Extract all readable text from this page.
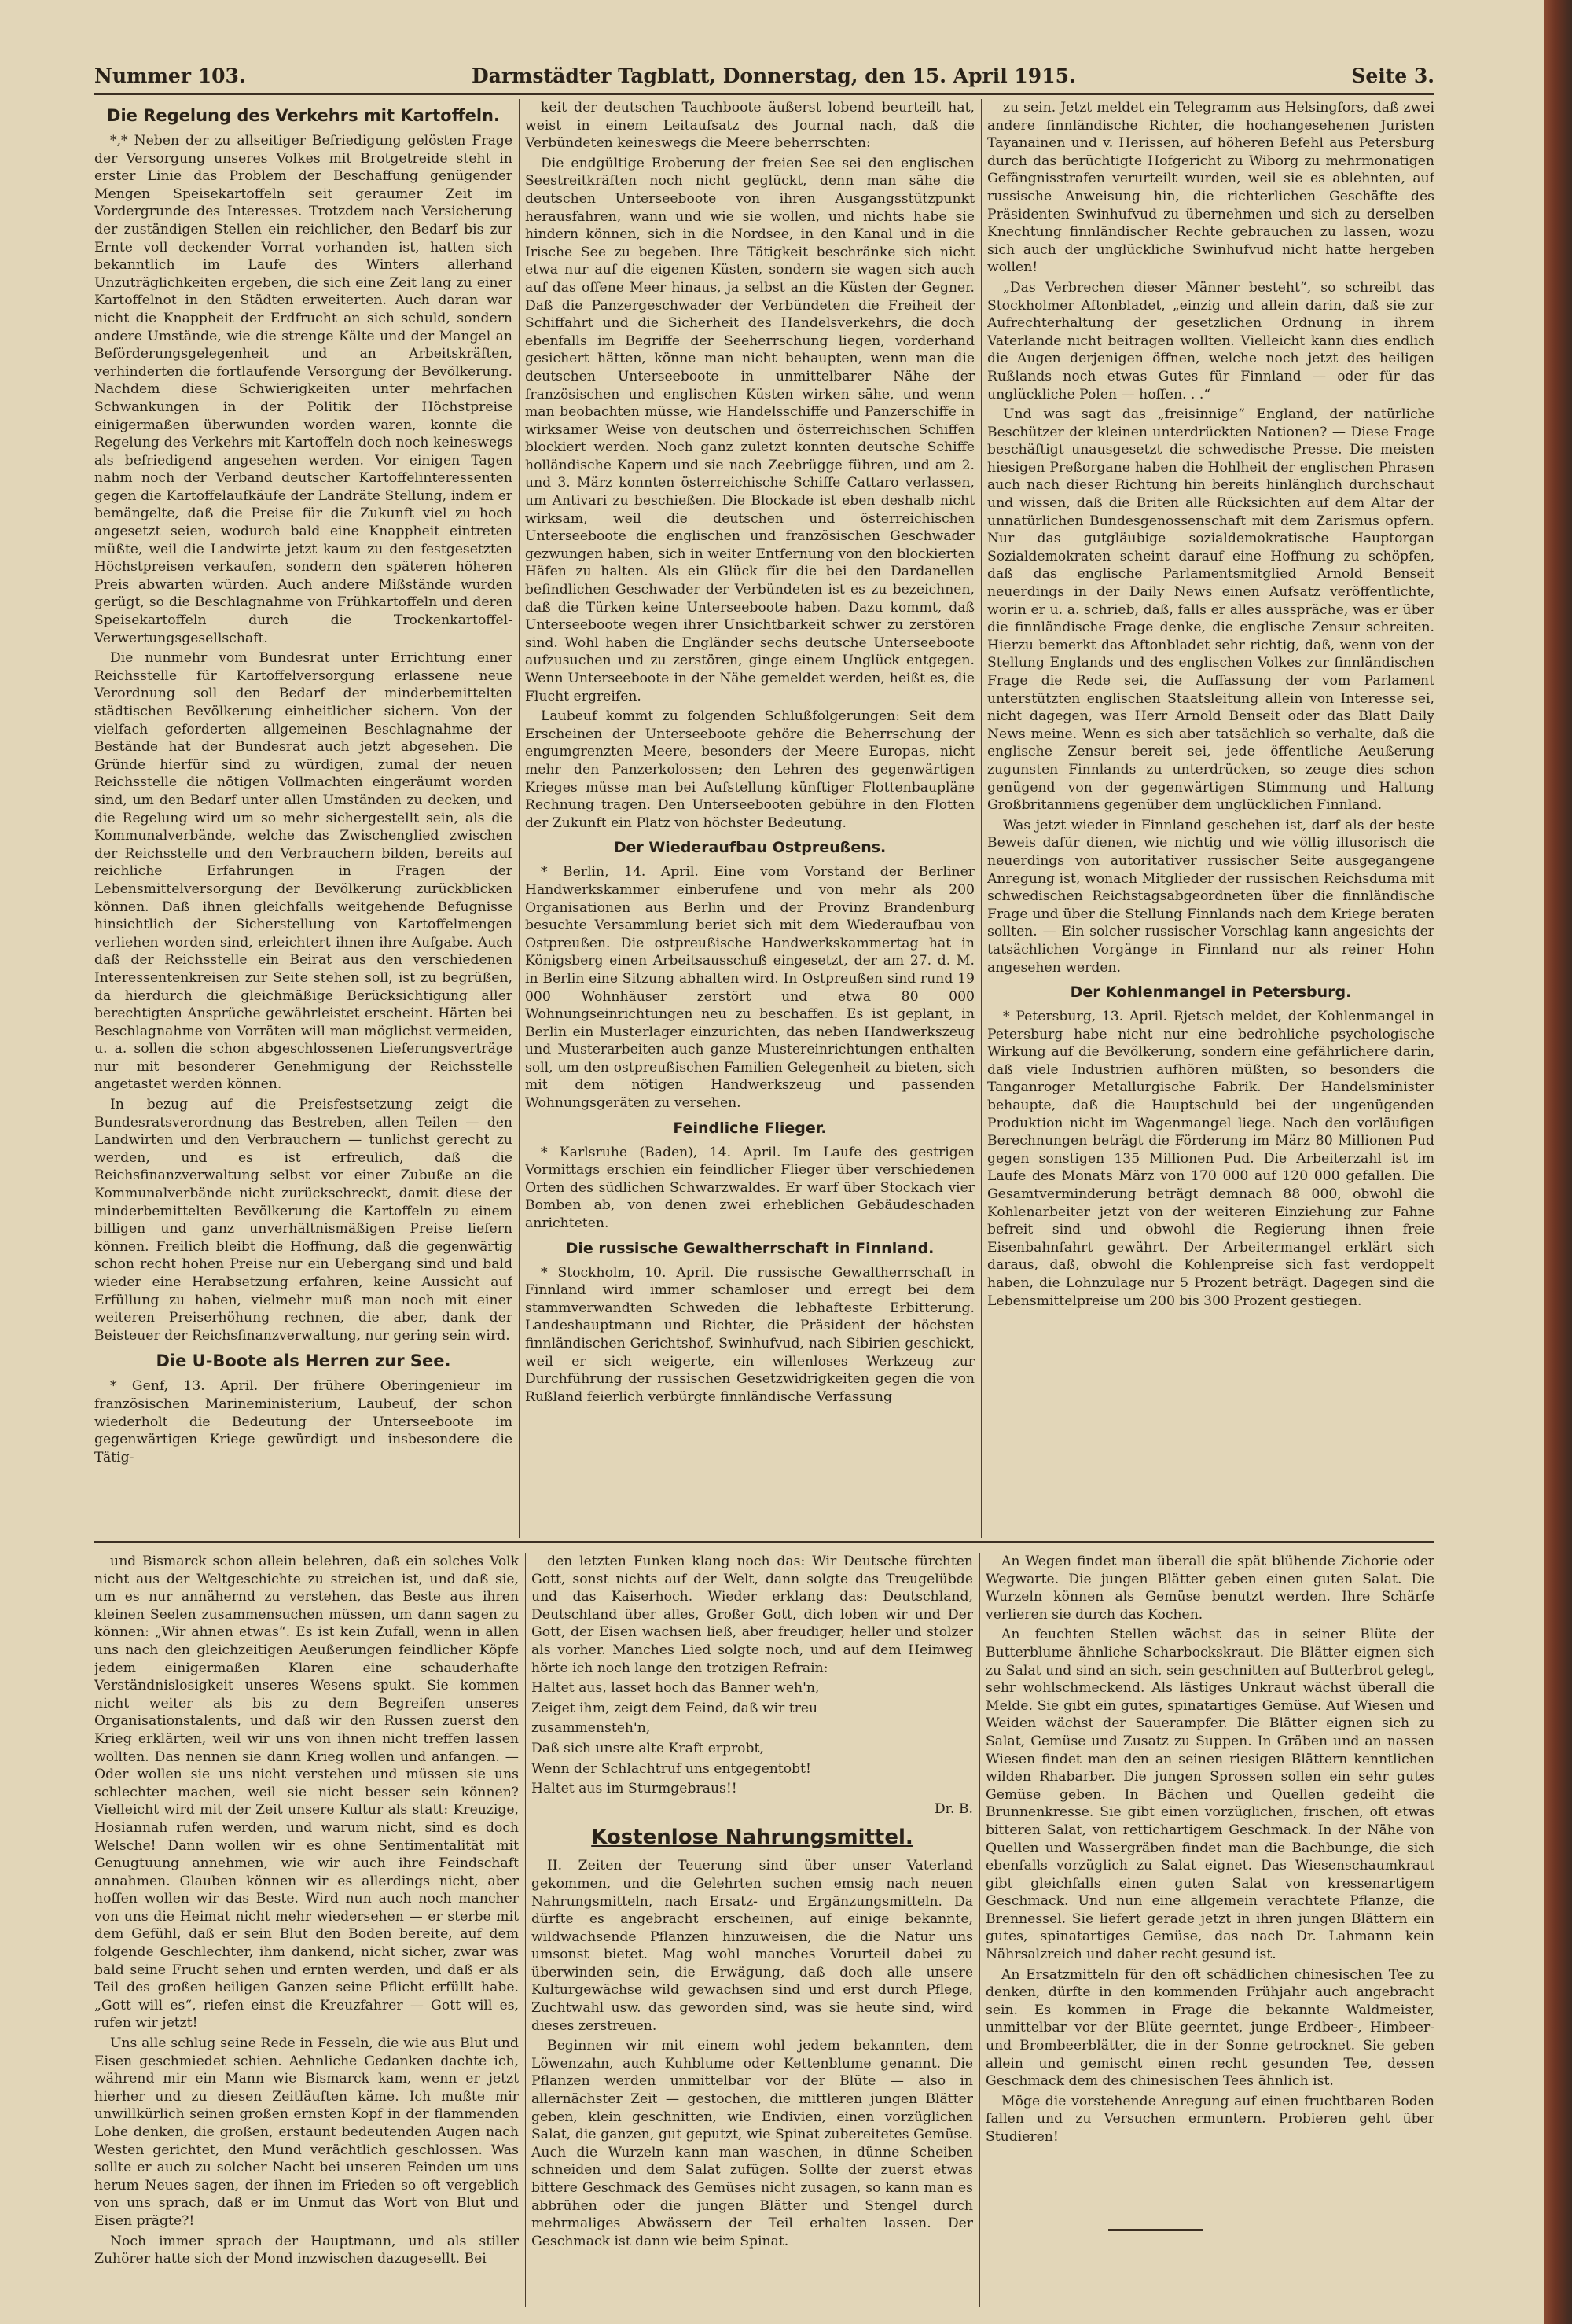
Nummer 103.	Darmstädter Tagblatt, Donnerstag, den 15. April 1915.	Seite 3.
Die Regelung des Verkehrs mit Kartoffeln.

*,* Neben der zu allseitiger Befriedigung gelösten Frage der Versorgung unseres Volkes mit Brotgetreide steht in erster Linie das Problem der Beschaffung genügender Mengen Speisekartoffeln seit geraumer Zeit im Vordergrunde des Interesses. Trotzdem nach Versicherung der zuständigen Stellen ein reichlicher, den Bedarf bis zur Ernte voll deckender Vorrat vorhanden ist, hatten sich bekanntlich im Laufe des Winters allerhand Unzuträglichkeiten ergeben, die sich eine Zeit lang zu einer Kartoffelnot in den Städten erweiterten. Auch daran war nicht die Knappheit der Erdfrucht an sich schuld, sondern andere Umstände, wie die strenge Kälte und der Mangel an Beförderungsgelegenheit und an Arbeitskräften, verhinderten die fortlaufende Versorgung der Bevölkerung. Nachdem diese Schwierigkeiten unter mehrfachen Schwankungen in der Politik der Höchstpreise einigermaßen überwunden worden waren, konnte die Regelung des Verkehrs mit Kartoffeln doch noch keineswegs als befriedigend angesehen werden. Vor einigen Tagen nahm noch der Verband deutscher Kartoffelinteressenten gegen die Kartoffelaufkäufe der Landräte Stellung, indem er bemängelte, daß die Preise für die Zukunft viel zu hoch angesetzt seien, wodurch bald eine Knappheit eintreten müßte, weil die Landwirte jetzt kaum zu den festgesetzten Höchstpreisen verkaufen, sondern den späteren höheren Preis abwarten würden. Auch andere Mißstände wurden gerügt, so die Beschlagnahme von Frühkartoffeln und deren Speisekartoffeln durch die Trockenkartoffel-Verwertungsgesellschaft.

Die nunmehr vom Bundesrat unter Errichtung einer Reichsstelle für Kartoffelversorgung erlassene neue Verordnung soll den Bedarf der minderbemittelten städtischen Bevölkerung einheitlicher sichern. Von der vielfach geforderten allgemeinen Beschlagnahme der Bestände hat der Bundesrat auch jetzt abgesehen. Die Gründe hierfür sind zu würdigen, zumal der neuen Reichsstelle die nötigen Vollmachten eingeräumt worden sind, um den Bedarf unter allen Umständen zu decken, und die Regelung wird um so mehr sichergestellt sein, als die Kommunalverbände, welche das Zwischenglied zwischen der Reichsstelle und den Verbrauchern bilden, bereits auf reichliche Erfahrungen in Fragen der Lebensmittelversorgung der Bevölkerung zurückblicken können. Daß ihnen gleichfalls weitgehende Befugnisse hinsichtlich der Sicherstellung von Kartoffelmengen verliehen worden sind, erleichtert ihnen ihre Aufgabe. Auch daß der Reichsstelle ein Beirat aus den verschiedenen Interessentenkreisen zur Seite stehen soll, ist zu begrüßen, da hierdurch die gleichmäßige Berücksichtigung aller berechtigten Ansprüche gewährleistet erscheint. Härten bei Beschlagnahme von Vorräten will man möglichst vermeiden, u. a. sollen die schon abgeschlossenen Lieferungsverträge nur mit besonderer Genehmigung der Reichsstelle angetastet werden können.

In bezug auf die Preisfestsetzung zeigt die Bundesratsverordnung das Bestreben, allen Teilen — den Landwirten und den Verbrauchern — tunlichst gerecht zu werden, und es ist erfreulich, daß die Reichsfinanzverwaltung selbst vor einer Zubuße an die Kommunalverbände nicht zurückschreckt, damit diese der minderbemittelten Bevölkerung die Kartoffeln zu einem billigen und ganz unverhältnismäßigen Preise liefern können. Freilich bleibt die Hoffnung, daß die gegenwärtig schon recht hohen Preise nur ein Uebergang sind und bald wieder eine Herabsetzung erfahren, keine Aussicht auf Erfüllung zu haben, vielmehr muß man noch mit einer weiteren Preiserhöhung rechnen, die aber, dank der Beisteuer der Reichsfinanzverwaltung, nur gering sein wird.

Die U-Boote als Herren zur See.

* Genf, 13. April. Der frühere Oberingenieur im französischen Marineministerium, Laubeuf, der schon wiederholt die Bedeutung der Unterseeboote im gegenwärtigen Kriege gewürdigt und insbesondere die Tätig-

keit der deutschen Tauchboote äußerst lobend beurteilt hat, weist in einem Leitaufsatz des Journal nach, daß die Verbündeten keineswegs die Meere beherrschten:

Die endgültige Eroberung der freien See sei den englischen Seestreitkräften noch nicht geglückt, denn man sähe die deutschen Unterseeboote von ihren Ausgangsstützpunkt herausfahren, wann und wie sie wollen, und nichts habe sie hindern können, sich in die Nordsee, in den Kanal und in die Irische See zu begeben. Ihre Tätigkeit beschränke sich nicht etwa nur auf die eigenen Küsten, sondern sie wagen sich auch auf das offene Meer hinaus, ja selbst an die Küsten der Gegner. Daß die Panzergeschwader der Verbündeten die Freiheit der Schiffahrt und die Sicherheit des Handelsverkehrs, die doch ebenfalls im Begriffe der Seeherrschung liegen, vorderhand gesichert hätten, könne man nicht behaupten, wenn man die deutschen Unterseeboote in unmittelbarer Nähe der französischen und englischen Küsten wirken sähe, und wenn man beobachten müsse, wie Handelsschiffe und Panzerschiffe in wirksamer Weise von deutschen und österreichischen Schiffen blockiert werden. Noch ganz zuletzt konnten deutsche Schiffe holländische Kapern und sie nach Zeebrügge führen, und am 2. und 3. März konnten österreichische Schiffe Cattaro verlassen, um Antivari zu beschießen. Die Blockade ist eben deshalb nicht wirksam, weil die deutschen und österreichischen Unterseeboote die englischen und französischen Geschwader gezwungen haben, sich in weiter Entfernung von den blockierten Häfen zu halten. Als ein Glück für die bei den Dardanellen befindlichen Geschwader der Verbündeten ist es zu bezeichnen, daß die Türken keine Unterseeboote haben. Dazu kommt, daß Unterseeboote wegen ihrer Unsichtbarkeit schwer zu zerstören sind. Wohl haben die Engländer sechs deutsche Unterseeboote aufzusuchen und zu zerstören, ginge einem Unglück entgegen. Wenn Unterseeboote in der Nähe gemeldet werden, heißt es, die Flucht ergreifen.

Laubeuf kommt zu folgenden Schlußfolgerungen: Seit dem Erscheinen der Unterseeboote gehöre die Beherrschung der engumgrenzten Meere, besonders der Meere Europas, nicht mehr den Panzerkolossen; den Lehren des gegenwärtigen Krieges müsse man bei Aufstellung künftiger Flottenbaupläne Rechnung tragen. Den Unterseebooten gebühre in den Flotten der Zukunft ein Platz von höchster Bedeutung.

Der Wiederaufbau Ostpreußens.

* Berlin, 14. April. Eine vom Vorstand der Berliner Handwerkskammer einberufene und von mehr als 200 Organisationen aus Berlin und der Provinz Brandenburg besuchte Versammlung beriet sich mit dem Wiederaufbau von Ostpreußen. Die ostpreußische Handwerkskammertag hat in Königsberg einen Arbeitsausschuß eingesetzt, der am 27. d. M. in Berlin eine Sitzung abhalten wird. In Ostpreußen sind rund 19 000 Wohnhäuser zerstört und etwa 80 000 Wohnungseinrichtungen neu zu beschaffen. Es ist geplant, in Berlin ein Musterlager einzurichten, das neben Handwerkszeug und Musterarbeiten auch ganze Mustereinrichtungen enthalten soll, um den ostpreußischen Familien Gelegenheit zu bieten, sich mit dem nötigen Handwerkszeug und passenden Wohnungsgeräten zu versehen.

Feindliche Flieger.

* Karlsruhe (Baden), 14. April. Im Laufe des gestrigen Vormittags erschien ein feindlicher Flieger über verschiedenen Orten des südlichen Schwarzwaldes. Er warf über Stockach vier Bomben ab, von denen zwei erheblichen Gebäudeschaden anrichteten.

Die russische Gewaltherrschaft in Finnland.

* Stockholm, 10. April. Die russische Gewaltherrschaft in Finnland wird immer schamloser und erregt bei dem stammverwandten Schweden die lebhafteste Erbitterung. Landeshauptmann und Richter, die Präsident der höchsten finnländischen Gerichtshof, Swinhufvud, nach Sibirien geschickt, weil er sich weigerte, ein willenloses Werkzeug zur Durchführung der russischen Gesetzwidrigkeiten gegen die von Rußland feierlich verbürgte finnländische Verfassung

zu sein. Jetzt meldet ein Telegramm aus Helsingfors, daß zwei andere finnländische Richter, die hochangesehenen Juristen Tayanainen und v. Herissen, auf höheren Befehl aus Petersburg durch das berüchtigte Hofgericht zu Wiborg zu mehrmonatigen Gefängnisstrafen verurteilt wurden, weil sie es ablehnten, auf russische Anweisung hin, die richterlichen Geschäfte des Präsidenten Swinhufvud zu übernehmen und sich zu derselben Knechtung finnländischer Rechte gebrauchen zu lassen, wozu sich auch der unglückliche Swinhufvud nicht hatte hergeben wollen!

„Das Verbrechen dieser Männer besteht“, so schreibt das Stockholmer Aftonbladet, „einzig und allein darin, daß sie zur Aufrechterhaltung der gesetzlichen Ordnung in ihrem Vaterlande nicht beitragen wollten. Vielleicht kann dies endlich die Augen derjenigen öffnen, welche noch jetzt des heiligen Rußlands noch etwas Gutes für Finnland — oder für das unglückliche Polen — hoffen. . .“

Und was sagt das „freisinnige“ England, der natürliche Beschützer der kleinen unterdrückten Nationen? — Diese Frage beschäftigt unausgesetzt die schwedische Presse. Die meisten hiesigen Preßorgane haben die Hohlheit der englischen Phrasen auch nach dieser Richtung hin bereits hinlänglich durchschaut und wissen, daß die Briten alle Rücksichten auf dem Altar der unnatürlichen Bundesgenossenschaft mit dem Zarismus opfern. Nur das gutgläubige sozialdemokratische Hauptorgan Sozialdemokraten scheint darauf eine Hoffnung zu schöpfen, daß das englische Parlamentsmitglied Arnold Benseit neuerdings in der Daily News einen Aufsatz veröffentlichte, worin er u. a. schrieb, daß, falls er alles ausspräche, was er über die finnländische Frage denke, die englische Zensur schreiten. Hierzu bemerkt das Aftonbladet sehr richtig, daß, wenn von der Stellung Englands und des englischen Volkes zur finnländischen Frage die Rede sei, die Auffassung der vom Parlament unterstützten englischen Staatsleitung allein von Interesse sei, nicht dagegen, was Herr Arnold Benseit oder das Blatt Daily News meine. Wenn es sich aber tatsächlich so verhalte, daß die englische Zensur bereit sei, jede öffentliche Aeußerung zugunsten Finnlands zu unterdrücken, so zeuge dies schon genügend von der gegenwärtigen Stimmung und Haltung Großbritanniens gegenüber dem unglücklichen Finnland.

Was jetzt wieder in Finnland geschehen ist, darf als der beste Beweis dafür dienen, wie nichtig und wie völlig illusorisch die neuerdings von autoritativer russischer Seite ausgegangene Anregung ist, wonach Mitglieder der russischen Reichsduma mit schwedischen Reichstagsabgeordneten über die finnländische Frage und über die Stellung Finnlands nach dem Kriege beraten sollten. — Ein solcher russischer Vorschlag kann angesichts der tatsächlichen Vorgänge in Finnland nur als reiner Hohn angesehen werden.

Der Kohlenmangel in Petersburg.

* Petersburg, 13. April. Rjetsch meldet, der Kohlenmangel in Petersburg habe nicht nur eine bedrohliche psychologische Wirkung auf die Bevölkerung, sondern eine gefährlichere darin, daß viele Industrien aufhören müßten, so besonders die Tanganroger Metallurgische Fabrik. Der Handelsminister behaupte, daß die Hauptschuld bei der ungenügenden Produktion nicht im Wagenmangel liege. Nach den vorläufigen Berechnungen beträgt die Förderung im März 80 Millionen Pud gegen sonstigen 135 Millionen Pud. Die Arbeiterzahl ist im Laufe des Monats März von 170 000 auf 120 000 gefallen. Die Gesamtverminderung beträgt demnach 88 000, obwohl die Kohlenarbeiter jetzt von der weiteren Einziehung zur Fahne befreit sind und obwohl die Regierung ihnen freie Eisenbahnfahrt gewährt. Der Arbeitermangel erklärt sich daraus, daß, obwohl die Kohlenpreise sich fast verdoppelt haben, die Lohnzulage nur 5 Prozent beträgt. Dagegen sind die Lebensmittelpreise um 200 bis 300 Prozent gestiegen.

und Bismarck schon allein belehren, daß ein solches Volk nicht aus der Weltgeschichte zu streichen ist, und daß sie, um es nur annähernd zu verstehen, das Beste aus ihren kleinen Seelen zusammensuchen müssen, um dann sagen zu können: „Wir ahnen etwas“. Es ist kein Zufall, wenn in allen uns nach den gleichzeitigen Aeußerungen feindlicher Köpfe jedem einigermaßen Klaren eine schauderhafte Verständnislosigkeit unseres Wesens spukt. Sie kommen nicht weiter als bis zu dem Begreifen unseres Organisationstalents, und daß wir den Russen zuerst den Krieg erklärten, weil wir uns von ihnen nicht treffen lassen wollten. Das nennen sie dann Krieg wollen und anfangen. — Oder wollen sie uns nicht verstehen und müssen sie uns schlechter machen, weil sie nicht besser sein können? Vielleicht wird mit der Zeit unsere Kultur als statt: Kreuzige, Hosiannah rufen werden, und warum nicht, sind es doch Welsche! Dann wollen wir es ohne Sentimentalität mit Genugtuung annehmen, wie wir auch ihre Feindschaft annahmen. Glauben können wir es allerdings nicht, aber hoffen wollen wir das Beste. Wird nun auch noch mancher von uns die Heimat nicht mehr wiedersehen — er sterbe mit dem Gefühl, daß er sein Blut den Boden bereite, auf dem folgende Geschlechter, ihm dankend, nicht sicher, zwar was bald seine Frucht sehen und ernten werden, und daß er als Teil des großen heiligen Ganzen seine Pflicht erfüllt habe. „Gott will es“, riefen einst die Kreuzfahrer — Gott will es, rufen wir jetzt!

Uns alle schlug seine Rede in Fesseln, die wie aus Blut und Eisen geschmiedet schien. Aehnliche Gedanken dachte ich, während mir ein Mann wie Bismarck kam, wenn er jetzt hierher und zu diesen Zeitläuften käme. Ich mußte mir unwillkürlich seinen großen ernsten Kopf in der flammenden Lohe denken, die großen, erstaunt bedeutenden Augen nach Westen gerichtet, den Mund verächtlich geschlossen. Was sollte er auch zu solcher Nacht bei unseren Feinden um uns herum Neues sagen, der ihnen im Frieden so oft vergeblich von uns sprach, daß er im Unmut das Wort von Blut und Eisen prägte?!

Noch immer sprach der Hauptmann, und als stiller Zuhörer hatte sich der Mond inzwischen dazugesellt. Bei

den letzten Funken klang noch das: Wir Deutsche fürchten Gott, sonst nichts auf der Welt, dann solgte das Treugelübde und das Kaiserhoch. Wieder erklang das: Deutschland, Deutschland über alles, Großer Gott, dich loben wir und Der Gott, der Eisen wachsen ließ, aber freudiger, heller und stolzer als vorher. Manches Lied solgte noch, und auf dem Heimweg hörte ich noch lange den trotzigen Refrain:

Haltet aus, lasset hoch das Banner weh'n,

Zeiget ihm, zeigt dem Feind, daß wir treu

zusammensteh'n,

Daß sich unsre alte Kraft erprobt,

Wenn der Schlachtruf uns entgegentobt!

Haltet aus im Sturmgebraus!!

Dr. B.

Kostenlose Nahrungsmittel.

II. Zeiten der Teuerung sind über unser Vaterland gekommen, und die Gelehrten suchen emsig nach neuen Nahrungsmitteln, nach Ersatz- und Ergänzungsmitteln. Da dürfte es angebracht erscheinen, auf einige bekannte, wildwachsende Pflanzen hinzuweisen, die die Natur uns umsonst bietet. Mag wohl manches Vorurteil dabei zu überwinden sein, die Erwägung, daß doch alle unsere Kulturgewächse wild gewachsen sind und erst durch Pflege, Zuchtwahl usw. das geworden sind, was sie heute sind, wird dieses zerstreuen.

Beginnen wir mit einem wohl jedem bekannten, dem Löwenzahn, auch Kuhblume oder Kettenblume genannt. Die Pflanzen werden unmittelbar vor der Blüte — also in allernächster Zeit — gestochen, die mittleren jungen Blätter geben, klein geschnitten, wie Endivien, einen vorzüglichen Salat, die ganzen, gut geputzt, wie Spinat zubereitetes Gemüse. Auch die Wurzeln kann man waschen, in dünne Scheiben schneiden und dem Salat zufügen. Sollte der zuerst etwas bittere Geschmack des Gemüses nicht zusagen, so kann man es abbrühen oder die jungen Blätter und Stengel durch mehrmaliges Abwässern der Teil erhalten lassen. Der Geschmack ist dann wie beim Spinat.

An Wegen findet man überall die spät blühende Zichorie oder Wegwarte. Die jungen Blätter geben einen guten Salat. Die Wurzeln können als Gemüse benutzt werden. Ihre Schärfe verlieren sie durch das Kochen.

An feuchten Stellen wächst das in seiner Blüte der Butterblume ähnliche Scharbockskraut. Die Blätter eignen sich zu Salat und sind an sich, sein geschnitten auf Butterbrot gelegt, sehr wohlschmeckend. Als lästiges Unkraut wächst überall die Melde. Sie gibt ein gutes, spinatartiges Gemüse. Auf Wiesen und Weiden wächst der Sauerampfer. Die Blätter eignen sich zu Salat, Gemüse und Zusatz zu Suppen. In Gräben und an nassen Wiesen findet man den an seinen riesigen Blättern kenntlichen wilden Rhabarber. Die jungen Sprossen sollen ein sehr gutes Gemüse geben. In Bächen und Quellen gedeiht die Brunnenkresse. Sie gibt einen vorzüglichen, frischen, oft etwas bitteren Salat, von rettichartigem Geschmack. In der Nähe von Quellen und Wassergräben findet man die Bachbunge, die sich ebenfalls vorzüglich zu Salat eignet. Das Wiesenschaumkraut gibt gleichfalls einen guten Salat von kressenartigem Geschmack. Und nun eine allgemein verachtete Pflanze, die Brennessel. Sie liefert gerade jetzt in ihren jungen Blättern ein gutes, spinatartiges Gemüse, das nach Dr. Lahmann kein Nährsalzreich und daher recht gesund ist.

An Ersatzmitteln für den oft schädlichen chinesischen Tee zu denken, dürfte in den kommenden Frühjahr auch angebracht sein. Es kommen in Frage die bekannte Waldmeister, unmittelbar vor der Blüte geerntet, junge Erdbeer-, Himbeer- und Brombeerblätter, die in der Sonne getrocknet. Sie geben allein und gemischt einen recht gesunden Tee, dessen Geschmack dem des chinesischen Tees ähnlich ist.

Möge die vorstehende Anregung auf einen fruchtbaren Boden fallen und zu Versuchen ermuntern. Probieren geht über Studieren!
